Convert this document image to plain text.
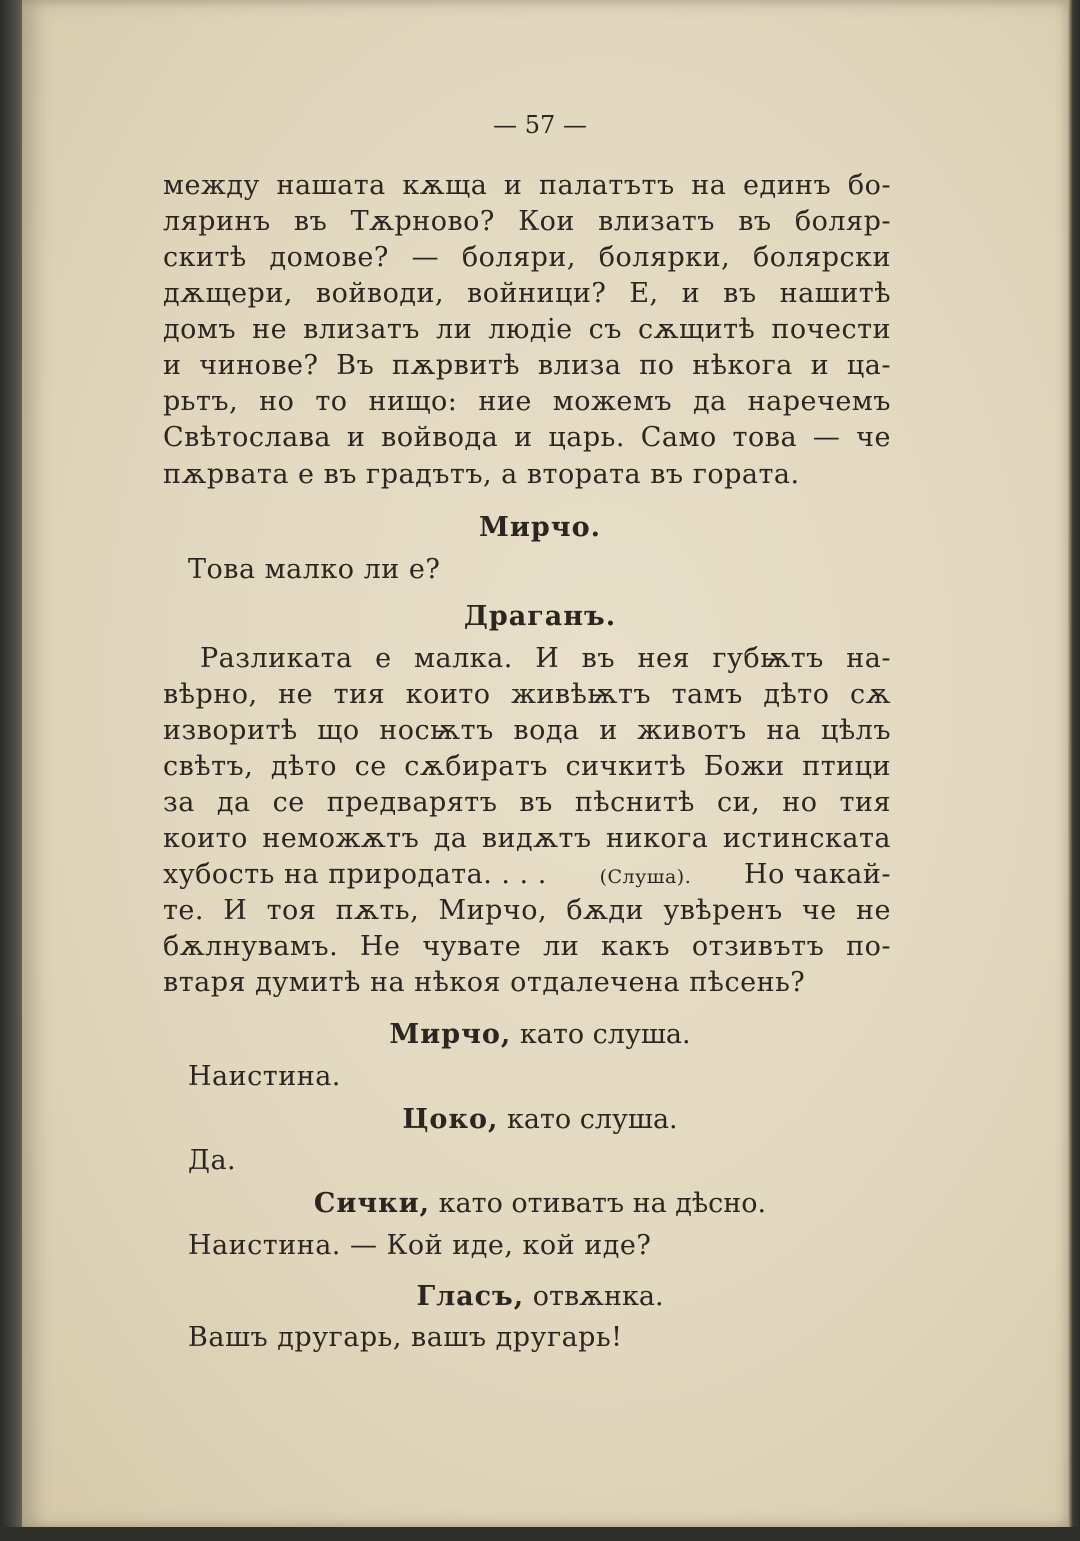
— 57 —
между нашата кѫща и палатътъ на единъ бо-
ляринъ въ Тѫрново? Кои влизатъ въ боляр-
скитѣ домове? — боляри, болярки, болярски
дѫщери, войводи, войници? Е, и въ нашитѣ
домъ не влизатъ ли людіе съ сѫщитѣ почести
и чинове? Въ пѫрвитѣ влиза по нѣкога и ца-
рьтъ, но то нищо: ние можемъ да наречемъ
Свѣтослава и войвода и царь. Само това — че
пѫрвата е въ градътъ, а втората въ гората.
Мирчо.
Това малко ли е?
Драганъ.
Разликата е малка. И въ нея губѭтъ на-
вѣрно, не тия които живѣѭтъ тамъ дѣто сѫ
изворитѣ що носѭтъ вода и животъ на цѣлъ
свѣтъ, дѣто се сѫбиратъ сичкитѣ Божи птици
за да се предварятъ въ пѣснитѣ си, но тия
които неможѫтъ да видѫтъ никога истинската
хубость на природата. . . .	(Слуша). Но чакай-
те. И тоя пѫть, Мирчо, бѫди увѣренъ че не
бѫлнувамъ. Не чувате ли какъ отзивътъ по-
втаря думитѣ на нѣкоя отдалечена пѣсень?
Мирчо, като слуша.
Наистина.
Цоко, като слуша.
Да.
Сички, като отиватъ на дѣсно.
Наистина. — Кой иде, кой иде?
Гласъ, отвѫнка.
Вашъ другарь, вашъ другарь!
